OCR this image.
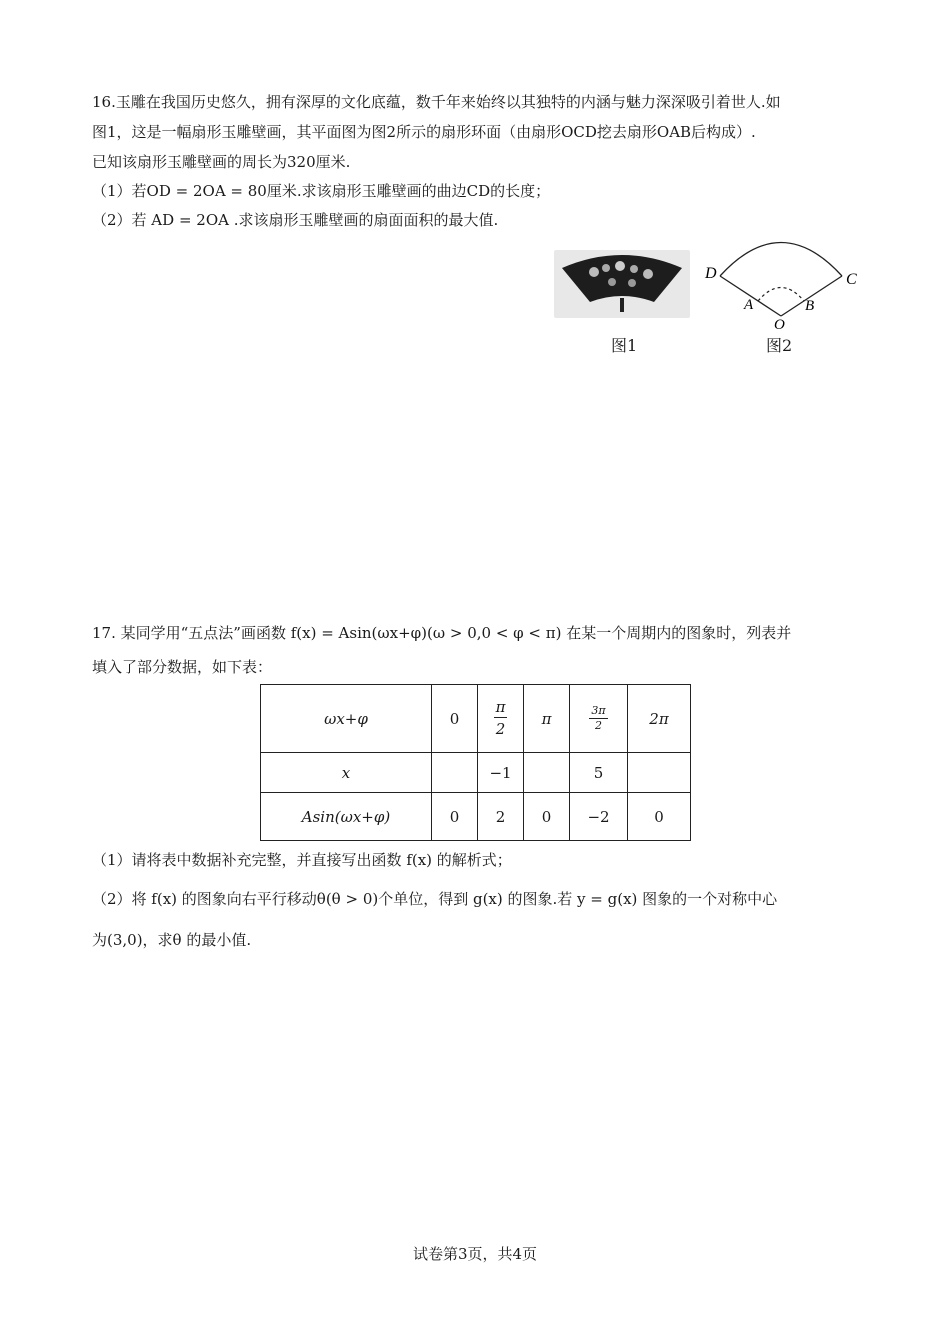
16.玉雕在我国历史悠久，拥有深厚的文化底蕴，数千年来始终以其独特的内涵与魅力深深吸引着世人.如
图1，这是一幅扇形玉雕壁画，其平面图为图2所示的扇形环面（由扇形OCD挖去扇形OAB后构成）.
已知该扇形玉雕壁画的周长为320厘米.
（1）若OD = 2OA = 80厘米.求该扇形玉雕壁画的曲边CD的长度；
（2）若 AD = 2OA .求该扇形玉雕壁画的扇面面积的最大值.
图1
D	C
A	B
O
图2
17. 某同学用“五点法”画函数 f(x) = Asin(ωx+φ)(ω > 0,0 < φ < π) 在某一个周期内的图象时，列表并
填入了部分数据，如下表：
ωx+φ	0	$\frac{\pi}{2}$	π	$\frac{3\pi}{2}$	2π
x		−1		5	
Asin(ωx+φ)	0	2	0	−2	0
（1）请将表中数据补充完整，并直接写出函数 f(x) 的解析式；
（2）将 f(x) 的图象向右平行移动θ(θ > 0)个单位，得到 g(x) 的图象.若 y = g(x) 图象的一个对称中心
为(3,0)，求θ 的最小值.
试卷第3页，共4页
